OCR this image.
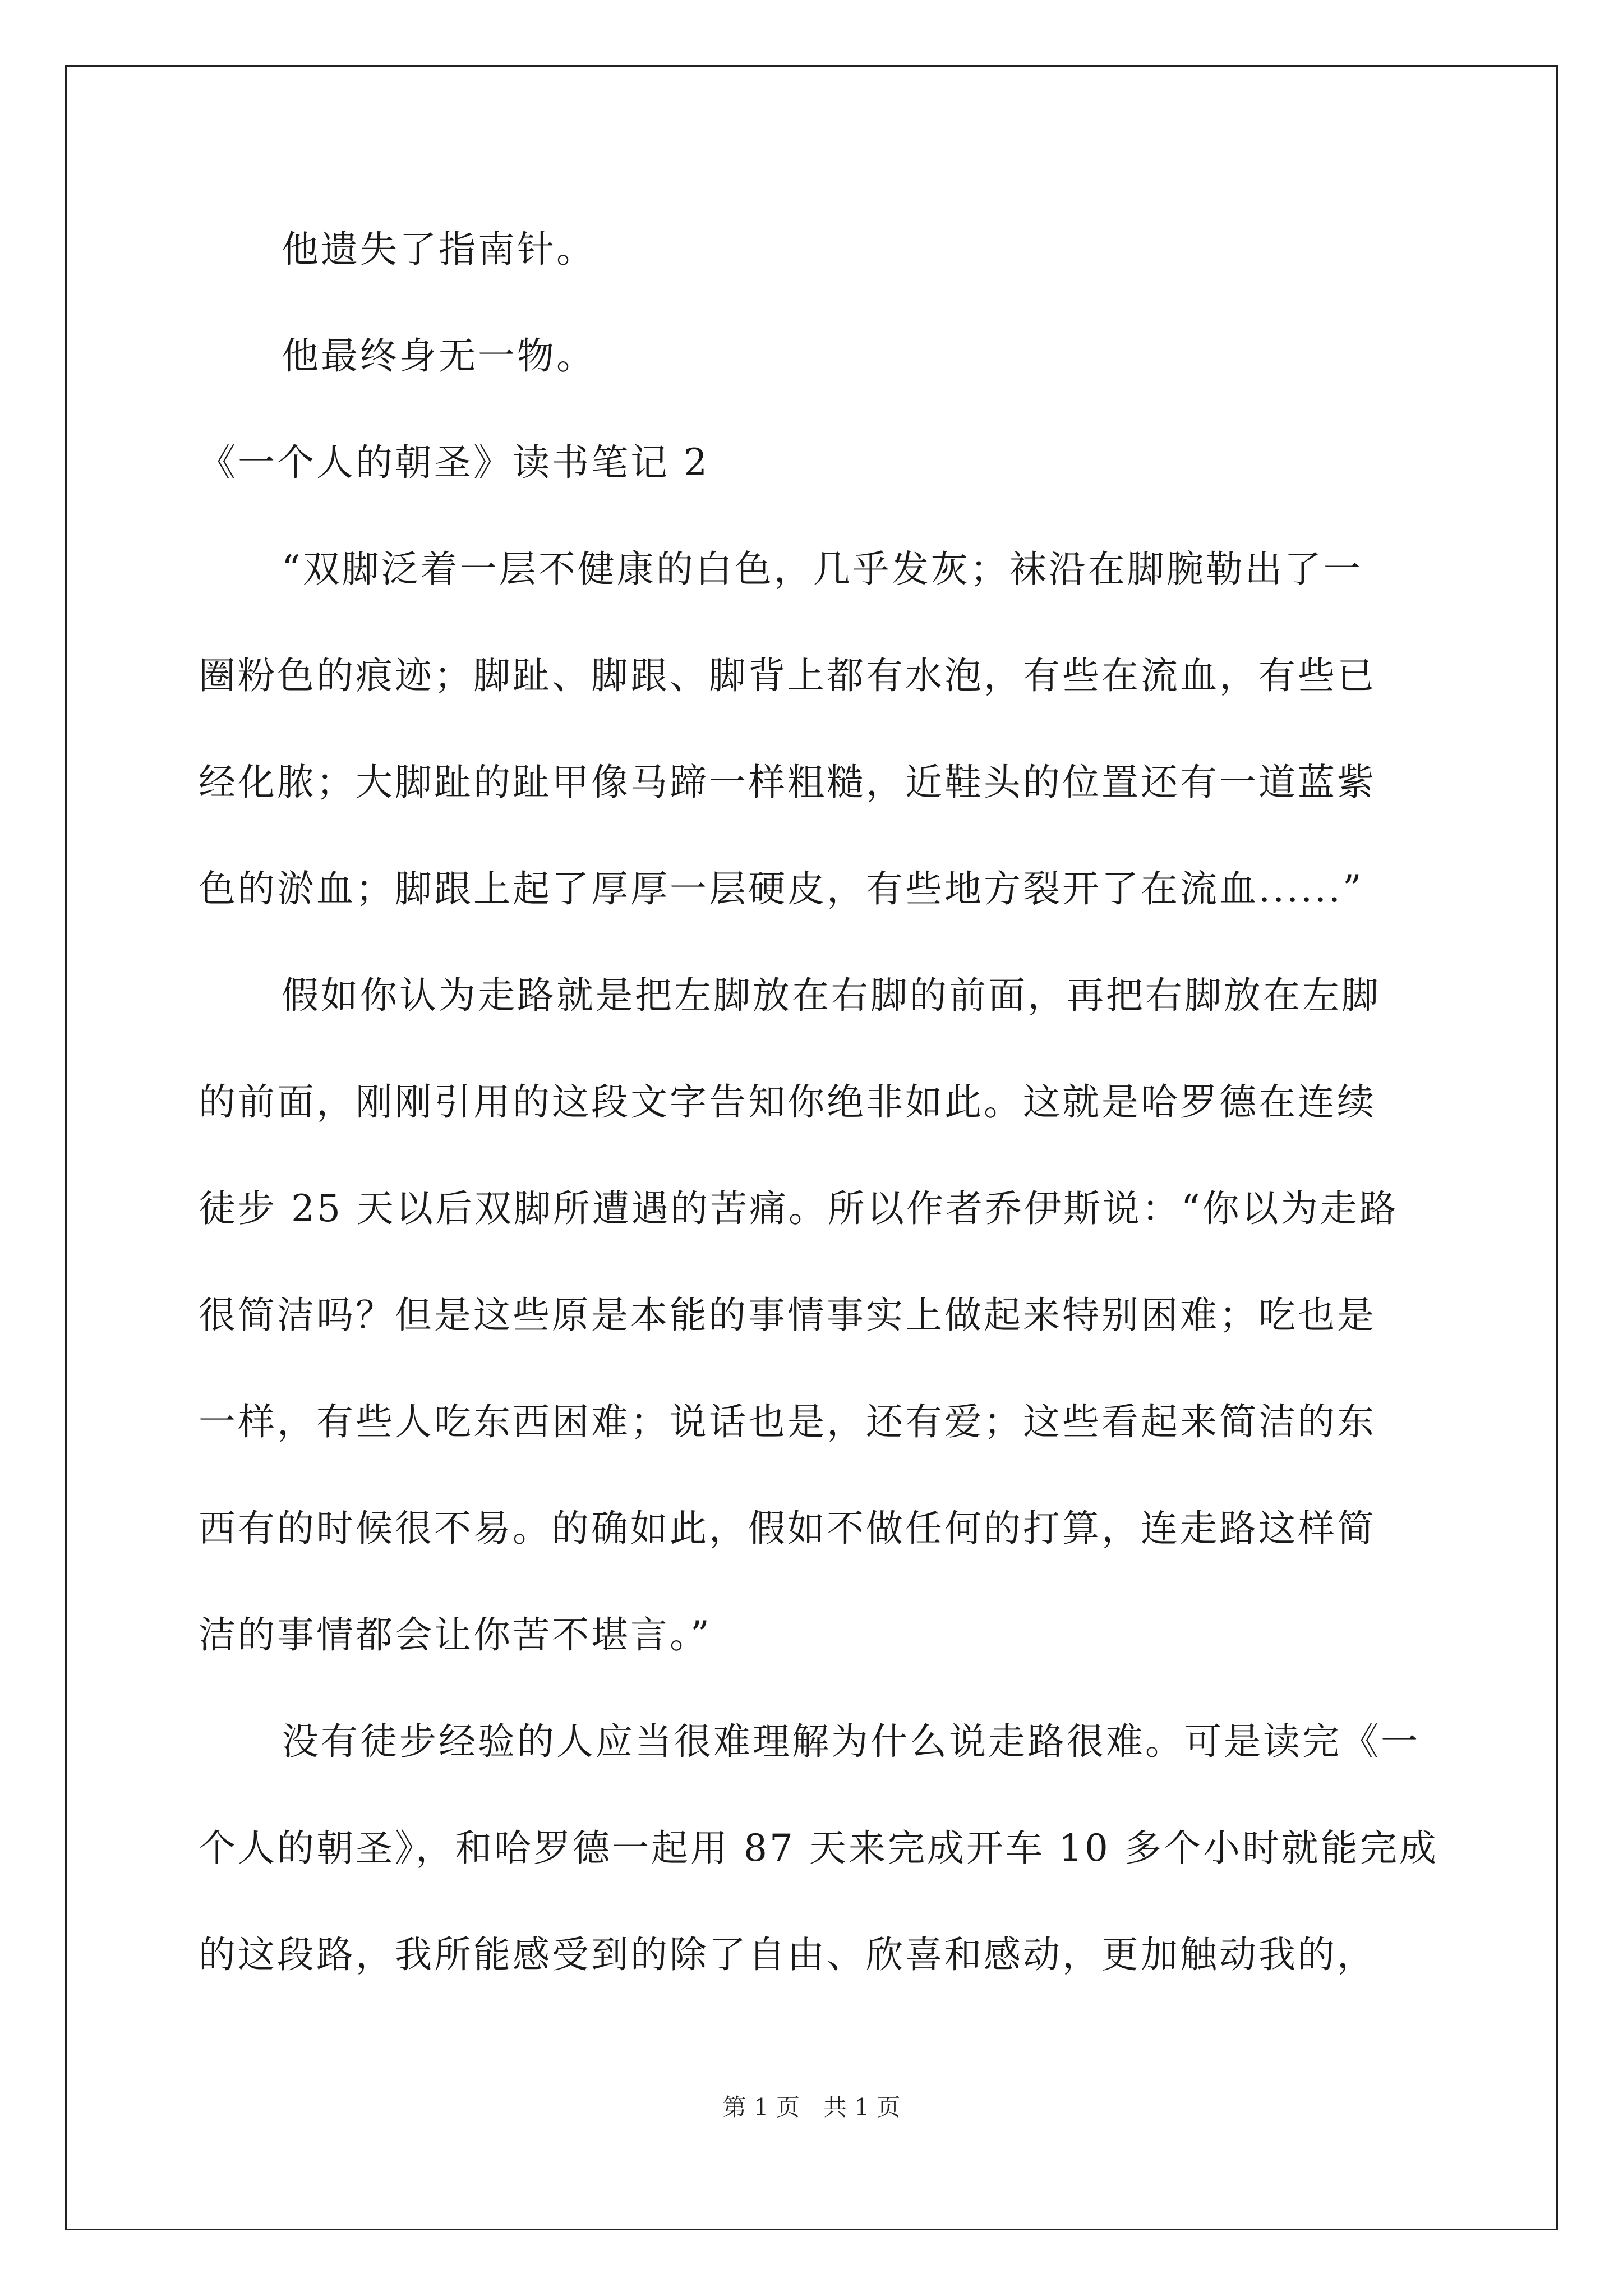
他遗失了指南针。
他最终身无一物。
《一个人的朝圣》读书笔记 2
“双脚泛着一层不健康的白色，几乎发灰；袜沿在脚腕勒出了一
圈粉色的痕迹；脚趾、脚跟、脚背上都有水泡，有些在流血，有些已
经化脓；大脚趾的趾甲像马蹄一样粗糙，近鞋头的位置还有一道蓝紫
色的淤血；脚跟上起了厚厚一层硬皮，有些地方裂开了在流血......”
假如你认为走路就是把左脚放在右脚的前面，再把右脚放在左脚
的前面，刚刚引用的这段文字告知你绝非如此。这就是哈罗德在连续
徒步 25 天以后双脚所遭遇的苦痛。所以作者乔伊斯说：“你以为走路
很简洁吗？但是这些原是本能的事情事实上做起来特别困难；吃也是
一样，有些人吃东西困难；说话也是，还有爱；这些看起来简洁的东
西有的时候很不易。的确如此，假如不做任何的打算，连走路这样简
洁的事情都会让你苦不堪言。”
没有徒步经验的人应当很难理解为什么说走路很难。可是读完《一
个人的朝圣》，和哈罗德一起用 87 天来完成开车 10 多个小时就能完成
的这段路，我所能感受到的除了自由、欣喜和感动，更加触动我的，
第 1 页　共 1 页
